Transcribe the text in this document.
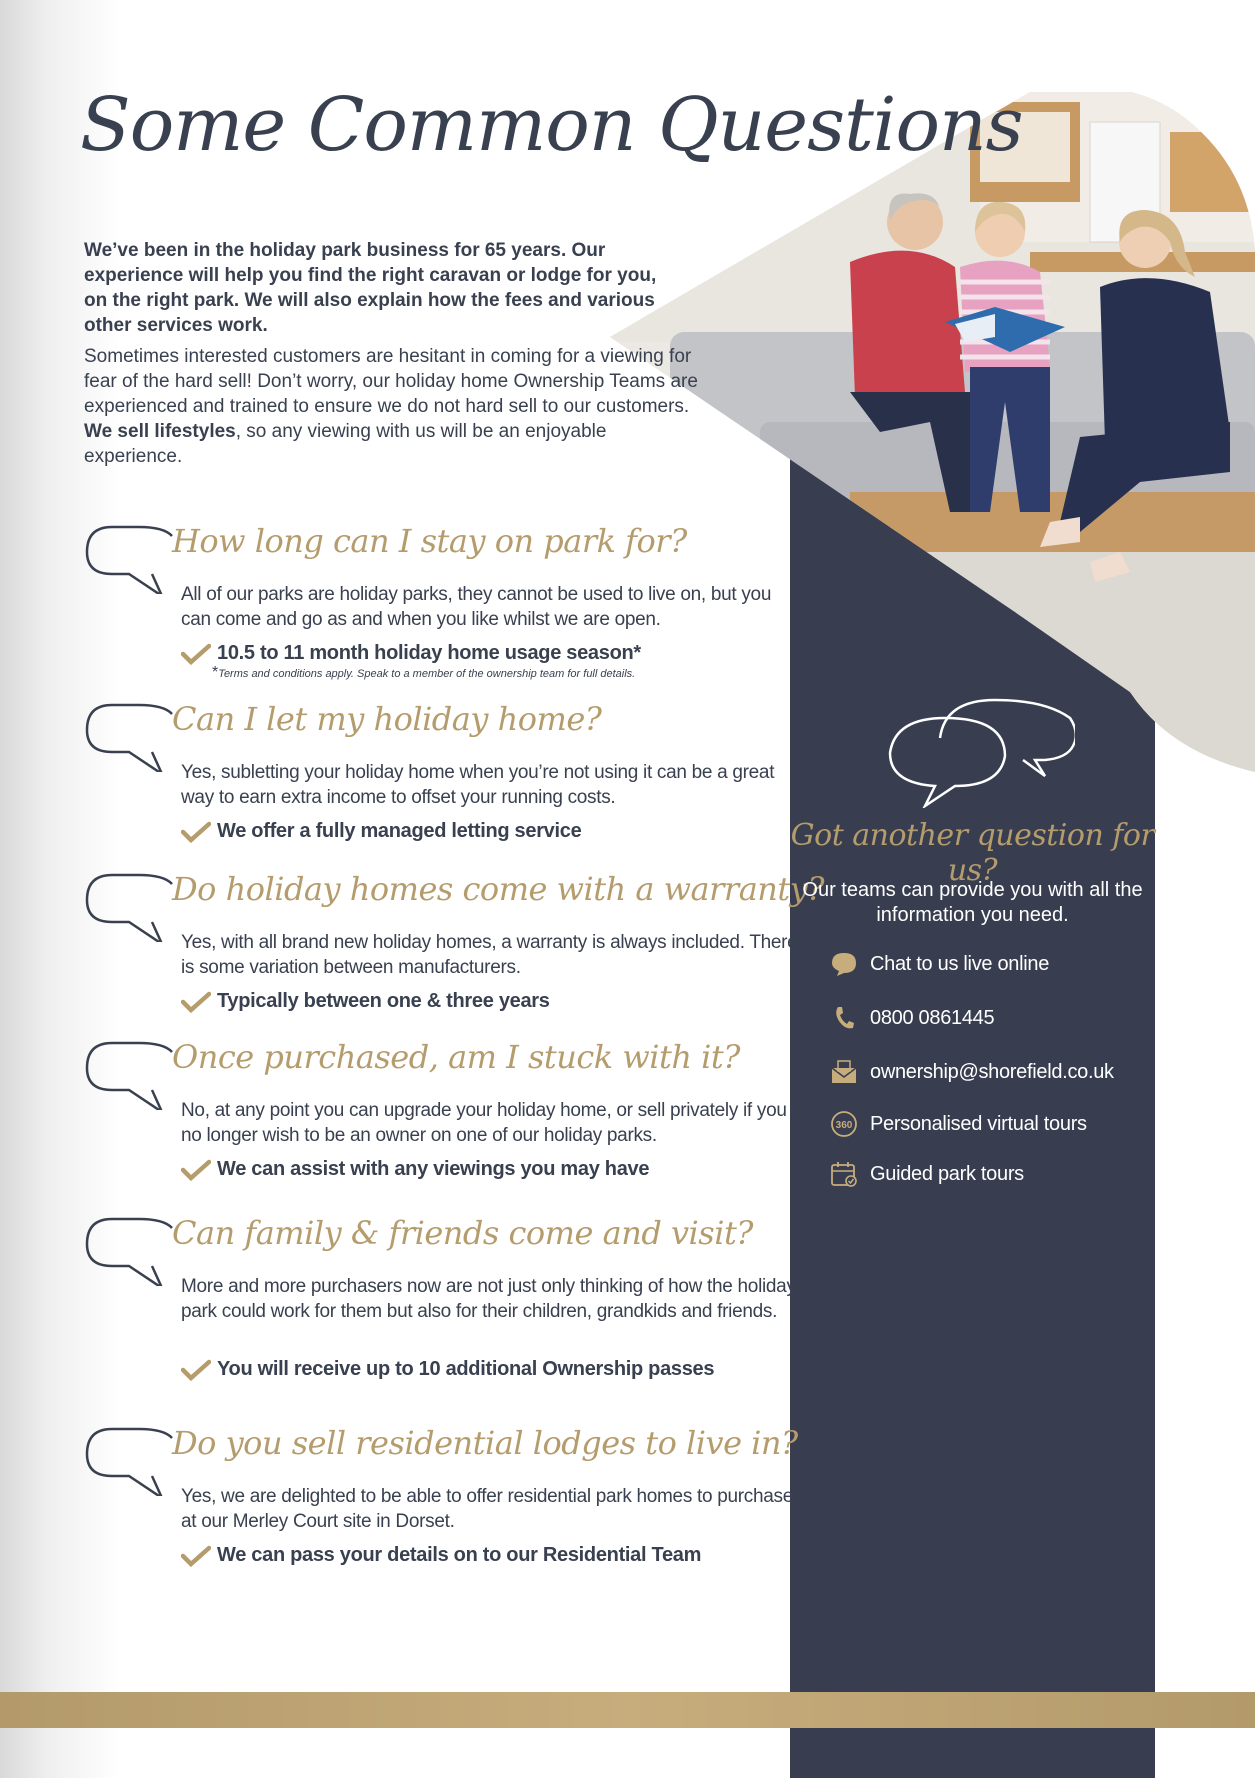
Some Common Questions

We’ve been in the holiday park business for 65 years. Our experience will help you find the right caravan or lodge for you, on the right park. We will also explain how the fees and various other services work.

Sometimes interested customers are hesitant in coming for a viewing for fear of the hard sell! Don’t worry, our holiday home Ownership Teams are experienced and trained to ensure we do not hard sell to our customers. We sell lifestyles, so any viewing with us will be an enjoyable experience.

How long can I stay on park for?

All of our parks are holiday parks, they cannot be used to live on, but you can come and go as and when you like whilst we are open.

10.5 to 11 month holiday home usage season*
*Terms and conditions apply. Speak to a member of the ownership team for full details.
Can I let my holiday home?

Yes, subletting your holiday home when you’re not using it can be a great way to earn extra income to offset your running costs.

We offer a fully managed letting service
Do holiday homes come with a warranty?

Yes, with all brand new holiday homes, a warranty is always included. There is some variation between manufacturers.

Typically between one & three years
Once purchased, am I stuck with it?

No, at any point you can upgrade your holiday home, or sell privately if you no longer wish to be an owner on one of our holiday parks.

We can assist with any viewings you may have
Can family & friends come and visit?

More and more purchasers now are not just only thinking of how the holiday park could work for them but also for their children, grandkids and friends.

You will receive up to 10 additional Ownership passes
Do you sell residential lodges to live in?

Yes, we are delighted to be able to offer residential park homes to purchase at our Merley Court site in Dorset.

We can pass your details on to our Residential Team
Got another question for us?

Our teams can provide you with all the information you need.

Chat to us live online
0800 0861445
ownership@shorefield.co.uk
360 Personalised virtual tours
Guided park tours
